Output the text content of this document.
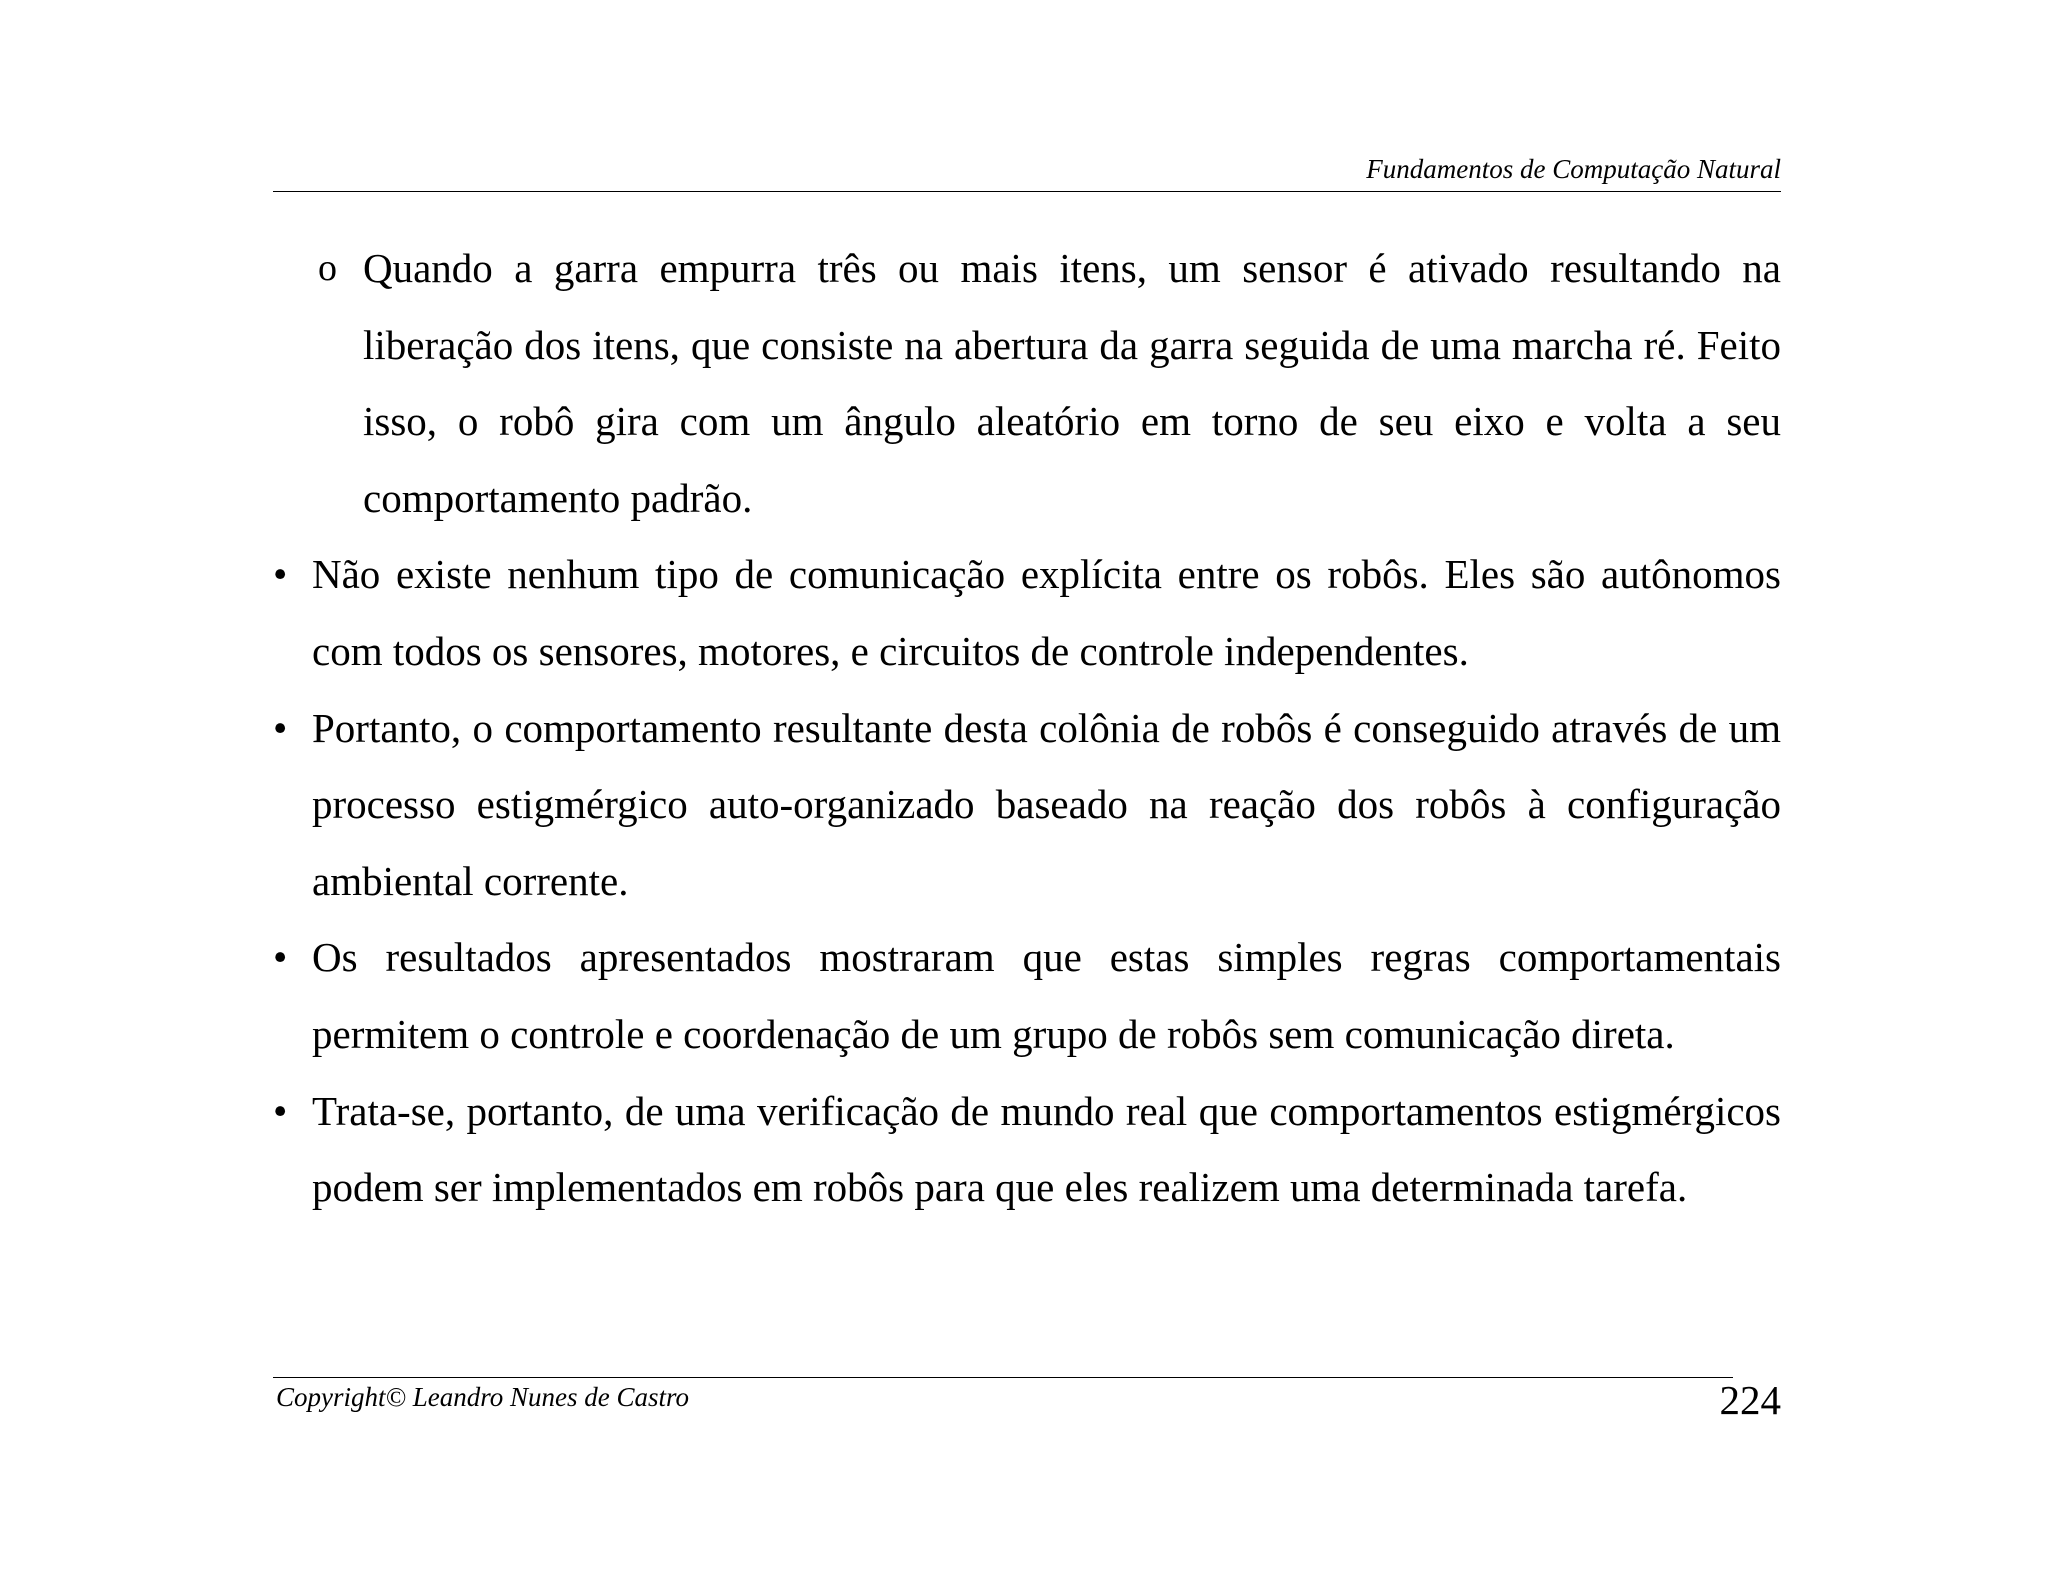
Fundamentos de Computação Natural
o Quando a garra empurra três ou mais itens, um sensor é ativado resultando na liberação dos itens, que consiste na abertura da garra seguida de uma marcha ré. Feito isso, o robô gira com um ângulo aleatório em torno de seu eixo e volta a seu comportamento padrão.
• Não existe nenhum tipo de comunicação explícita entre os robôs. Eles são autônomos com todos os sensores, motores, e circuitos de controle independentes.
• Portanto, o comportamento resultante desta colônia de robôs é conseguido através de um processo estigmérgico auto-organizado baseado na reação dos robôs à configuração ambiental corrente.
• Os resultados apresentados mostraram que estas simples regras comportamentais permitem o controle e coordenação de um grupo de robôs sem comunicação direta.
• Trata-se, portanto, de uma verificação de mundo real que comportamentos estigmérgicos podem ser implementados em robôs para que eles realizem uma determinada tarefa.
Copyright© Leandro Nunes de Castro	224
